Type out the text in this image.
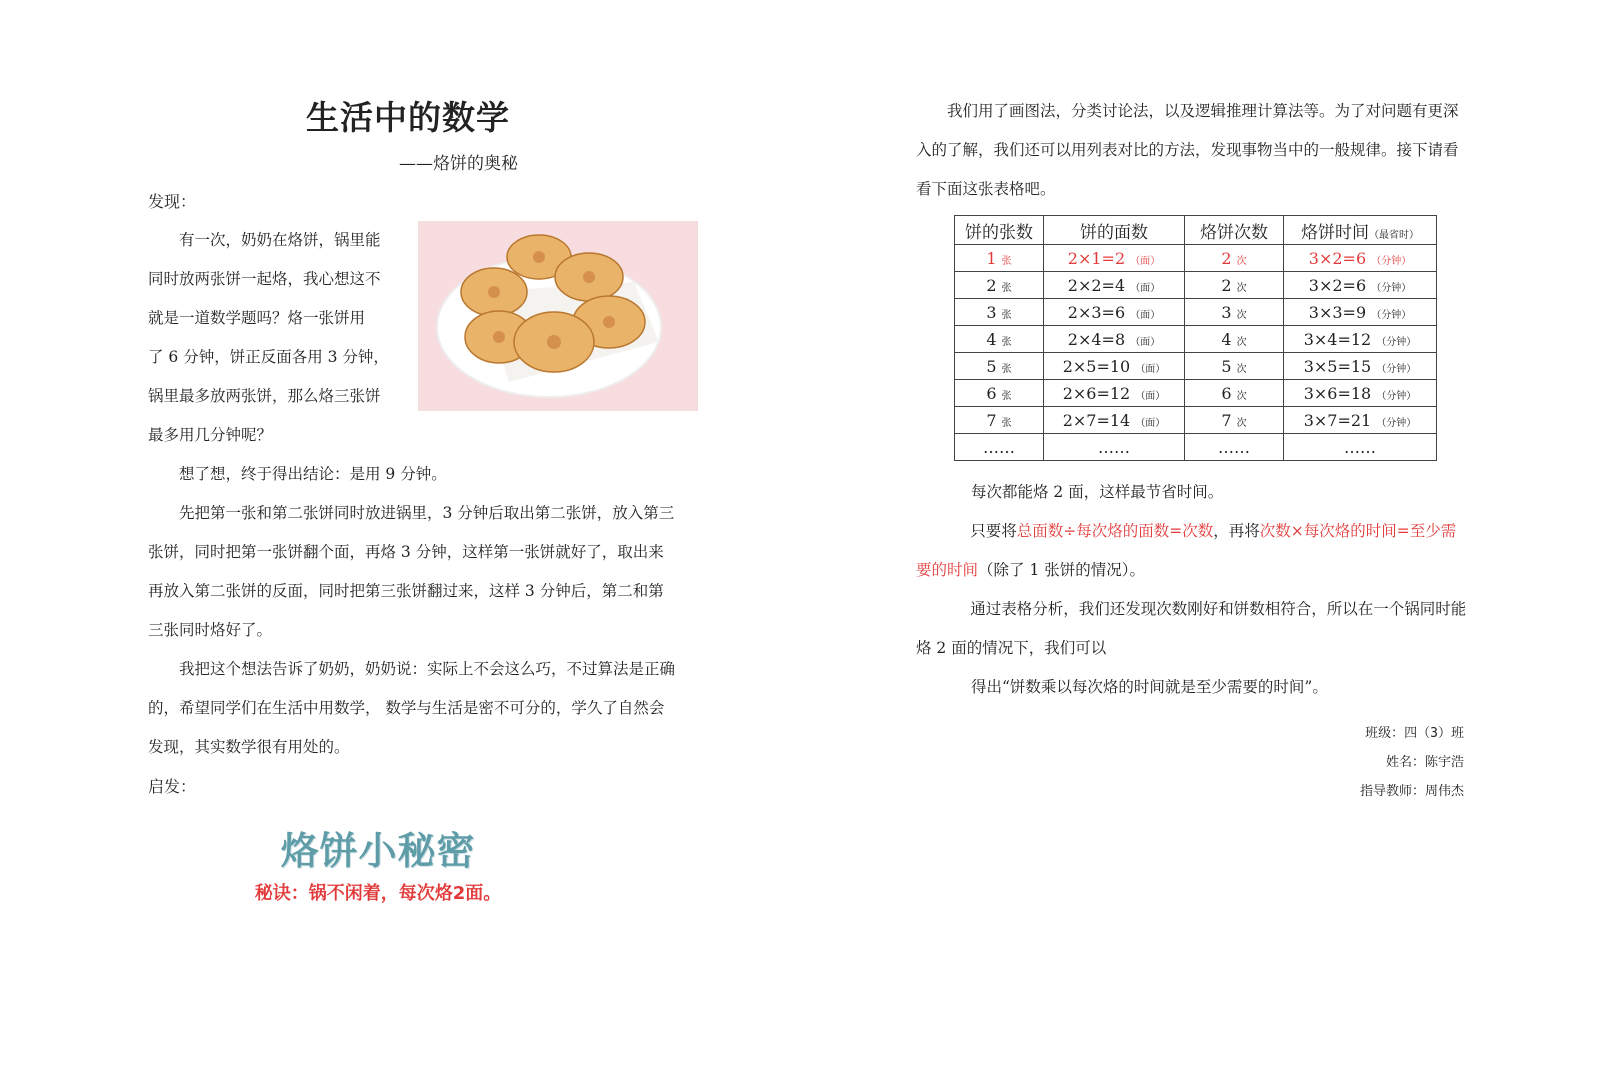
生活中的数学
——烙饼的奥秘
发现：

有一次，奶奶在烙饼，锅里能

同时放两张饼一起烙，我心想这不

就是一道数学题吗？烙一张饼用

了 6 分钟，饼正反面各用 3 分钟，

锅里最多放两张饼，那么烙三张饼

最多用几分钟呢？

想了想，终于得出结论：是用 9 分钟。

先把第一张和第二张饼同时放进锅里，3 分钟后取出第二张饼，放入第三张饼，同时把第一张饼翻个面，再烙 3 分钟，这样第一张饼就好了，取出来再放入第二张饼的反面，同时把第三张饼翻过来，这样 3 分钟后，第二和第三张同时烙好了。

我把这个想法告诉了奶奶，奶奶说：实际上不会这么巧，不过算法是正确的，希望同学们在生活中用数学， 数学与生活是密不可分的，学久了自然会发现，其实数学很有用处的。

启发：
烙饼小秘密
秘诀：锅不闲着，每次烙2面。

我们用了画图法，分类讨论法，以及逻辑推理计算法等。为了对问题有更深入的了解，我们还可以用列表对比的方法，发现事物当中的一般规律。接下请看看下面这张表格吧。

饼的张数	饼的面数	烙饼次数	烙饼时间（最省时）
1 张	2×1=2 （面）	2 次	3×2=6 （分钟）
2 张	2×2=4 （面）	2 次	3×2=6 （分钟）
3 张	2×3=6 （面）	3 次	3×3=9 （分钟）
4 张	2×4=8 （面）	4 次	3×4=12 （分钟）
5 张	2×5=10 （面）	5 次	3×5=15 （分钟）
6 张	2×6=12 （面）	6 次	3×6=18 （分钟）
7 张	2×7=14 （面）	7 次	3×7=21 （分钟）
……	……	……	……

每次都能烙 2 面，这样最节省时间。

只要将总面数÷每次烙的面数=次数，再将次数×每次烙的时间=至少需要的时间（除了 1 张饼的情况）。

通过表格分析，我们还发现次数刚好和饼数相符合，所以在一个锅同时能烙 2 面的情况下，我们可以

得出“饼数乘以每次烙的时间就是至少需要的时间”。

班级：四（3）班
姓名：陈宇浩
指导教师：周伟杰
